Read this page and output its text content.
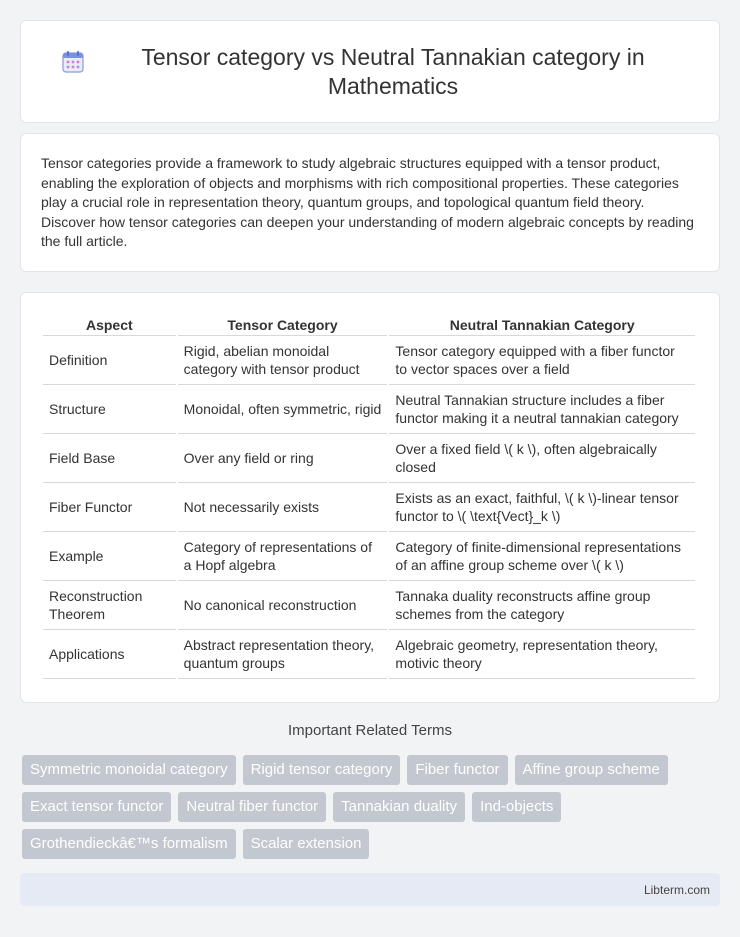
Tensor category vs Neutral Tannakian category in Mathematics

Tensor categories provide a framework to study algebraic structures equipped with a tensor product, enabling the exploration of objects and morphisms with rich compositional properties. These categories play a crucial role in representation theory, quantum groups, and topological quantum field theory. Discover how tensor categories can deepen your understanding of modern algebraic concepts by reading the full article.

Aspect	Tensor Category	Neutral Tannakian Category
Definition	Rigid, abelian monoidal category with tensor product	Tensor category equipped with a fiber functor to vector spaces over a field
Structure	Monoidal, often symmetric, rigid	Neutral Tannakian structure includes a fiber functor making it a neutral tannakian category
Field Base	Over any field or ring	Over a fixed field \( k \), often algebraically closed
Fiber Functor	Not necessarily exists	Exists as an exact, faithful, \( k \)-linear tensor functor to \( \text{Vect}_k \)
Example	Category of representations of a Hopf algebra	Category of finite-dimensional representations of an affine group scheme over \( k \)
Reconstruction Theorem	No canonical reconstruction	Tannaka duality reconstructs affine group schemes from the category
Applications	Abstract representation theory, quantum groups	Algebraic geometry, representation theory, motivic theory
Important Related Terms
Symmetric monoidal category	Rigid tensor category	Fiber functor	Affine group scheme
Exact tensor functor	Neutral fiber functor	Tannakian duality	Ind-objects
Grothendieckâ€™s formalism	Scalar extension
Libterm.com
